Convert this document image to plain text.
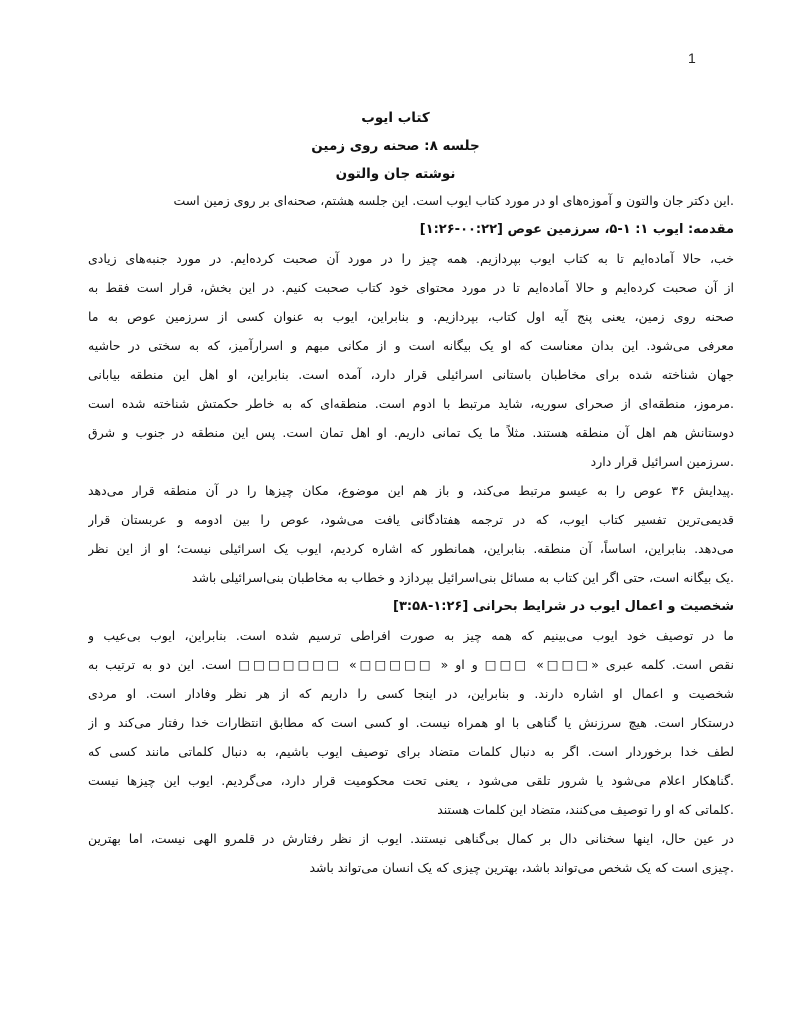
1
کتاب ایوب
جلسه ۸: صحنه روی زمین
نوشته جان والتون
.این دکتر جان والتون و آموزه‌های او در مورد کتاب ایوب است. این جلسه هشتم، صحنه‌ای بر روی زمین است
مقدمه: ایوب ۱: ۱-۵، سرزمین عوص [۰۰:۲۲-۱:۲۶]
خب، حالا آماده‌ایم تا به کتاب ایوب بپردازیم. همه چیز را در مورد آن صحبت کرده‌ایم. در مورد جنبه‌های زیادی
از آن صحبت کرده‌ایم و حالا آماده‌ایم تا در مورد محتوای خود کتاب صحبت کنیم. در این بخش، قرار است فقط به
صحنه روی زمین، یعنی پنج آیه اول کتاب، بپردازیم. و بنابراین، ایوب به عنوان کسی از سرزمین عوص به ما
معرفی می‌شود. این بدان معناست که او یک بیگانه است و از مکانی مبهم و اسرارآمیز، که به سختی در حاشیه
جهان شناخته شده برای مخاطبان باستانی اسرائیلی قرار دارد، آمده است. بنابراین، او اهل این منطقه بیابانی
.مرموز، منطقه‌ای از صحرای سوریه، شاید مرتبط با ادوم است. منطقه‌ای که به خاطر حکمتش شناخته شده است
دوستانش هم اهل آن منطقه هستند. مثلاً ما یک تمانی داریم. او اهل تمان است. پس این منطقه در جنوب و شرق
.سرزمین اسرائیل قرار دارد
.پیدایش ۳۶ عوص را به عیسو مرتبط می‌کند، و باز هم این موضوع، مکان چیزها را در آن منطقه قرار می‌دهد
قدیمی‌ترین تفسیر کتاب ایوب، که در ترجمه هفتادگانی یافت می‌شود، عوص را بین ادومه و عربستان قرار
می‌دهد. بنابراین، اساساً، آن منطقه. بنابراین، همانطور که اشاره کردیم، ایوب یک اسرائیلی نیست؛ او از این نظر
.یک بیگانه است، حتی اگر این کتاب به مسائل بنی‌اسرائیل بپردازد و خطاب به مخاطبان بنی‌اسرائیلی باشد
شخصیت و اعمال ایوب در شرایط بحرانی [۱:۲۶-۳:۵۸]
ما در توصیف خود ایوب می‌بینیم که همه چیز به صورت افراطی ترسیم شده است. بنابراین، ایوب بی‌عیب و
نقص است. کلمه عبری «□□□» □□□ و او « □□□□□» □□□□□□□ است. این دو به ترتیب به
شخصیت و اعمال او اشاره دارند. و بنابراین، در اینجا کسی را داریم که از هر نظر وفادار است. او مردی
درستکار است. هیچ سرزنش یا گناهی با او همراه نیست. او کسی است که مطابق انتظارات خدا رفتار می‌کند و از
لطف خدا برخوردار است. اگر به دنبال کلمات متضاد برای توصیف ایوب باشیم، به دنبال کلماتی مانند کسی که
.گناهکار اعلام می‌شود یا شرور تلقی می‌شود ، یعنی تحت محکومیت قرار دارد، می‌گردیم. ایوب این چیزها نیست
.کلماتی که او را توصیف می‌کنند، متضاد این کلمات هستند
در عین حال، اینها سخنانی دال بر کمال بی‌گناهی نیستند. ایوب از نظر رفتارش در قلمرو الهی نیست، اما بهترین
.چیزی است که یک شخص می‌تواند باشد، بهترین چیزی که یک انسان می‌تواند باشد
